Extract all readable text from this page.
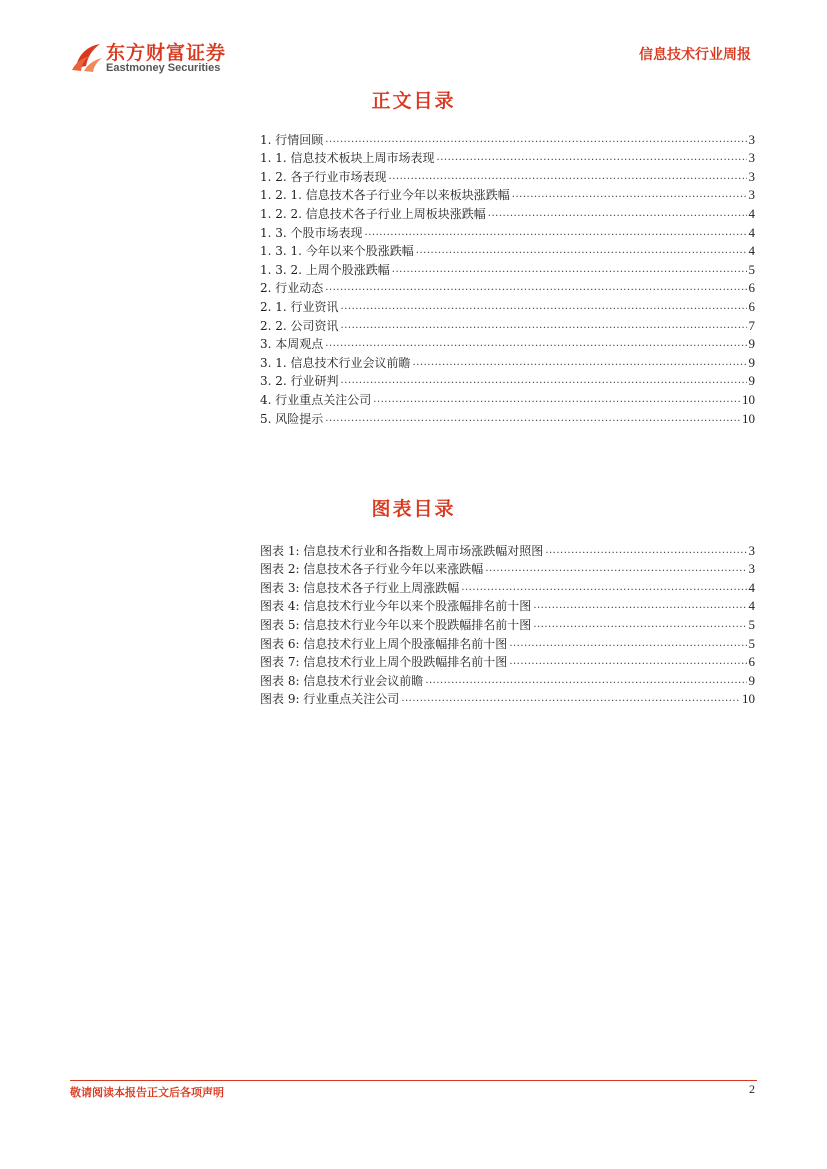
东方财富证券
Eastmoney Securities
信息技术行业周报
正文目录
1. 行情回顾 .....	3
1. 1. 信息技术板块上周市场表现 .....	3
1. 2. 各子行业市场表现 .....	3
1. 2. 1. 信息技术各子行业今年以来板块涨跌幅 .....	3
1. 2. 2. 信息技术各子行业上周板块涨跌幅 .....	4
1. 3. 个股市场表现 .....	4
1. 3. 1. 今年以来个股涨跌幅 .....	4
1. 3. 2. 上周个股涨跌幅 .....	5
2. 行业动态 .....	6
2. 1. 行业资讯 .....	6
2. 2. 公司资讯 .....	7
3. 本周观点 .....	9
3. 1. 信息技术行业会议前瞻 .....	9
3. 2. 行业研判 .....	9
4. 行业重点关注公司 .....	10
5. 风险提示 .....	10
图表目录
图表 1: 信息技术行业和各指数上周市场涨跌幅对照图 .....	3
图表 2: 信息技术各子行业今年以来涨跌幅 .....	3
图表 3: 信息技术各子行业上周涨跌幅 .....	4
图表 4: 信息技术行业今年以来个股涨幅排名前十图 .....	4
图表 5: 信息技术行业今年以来个股跌幅排名前十图 .....	5
图表 6: 信息技术行业上周个股涨幅排名前十图 .....	5
图表 7: 信息技术行业上周个股跌幅排名前十图 .....	6
图表 8: 信息技术行业会议前瞻 .....	9
图表 9: 行业重点关注公司 .....	10
敬请阅读本报告正文后各项声明	2
